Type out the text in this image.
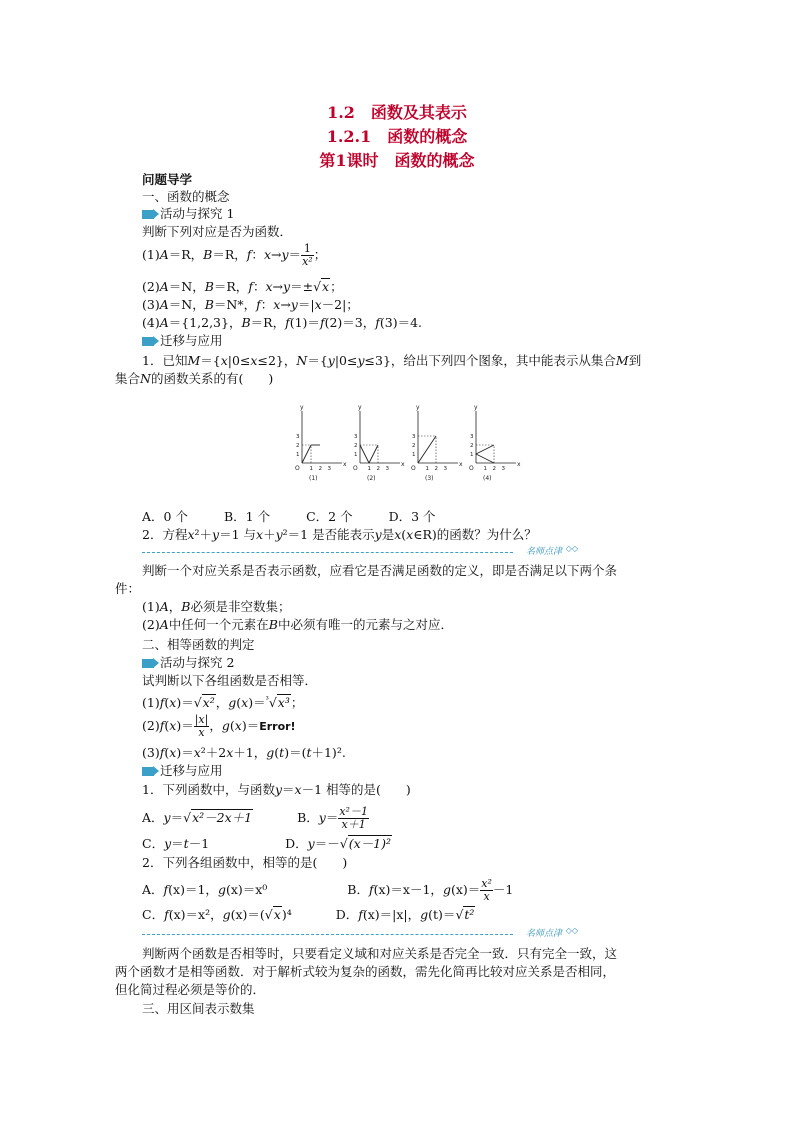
1.2　函数及其表示
1.2.1　函数的概念
第1课时　函数的概念
问题导学
一、函数的概念
活动与探究 1
判断下列对应是否为函数．
(1)A＝R，B＝R，f：$x\to y= \frac{1}{\text{x²}}$ ；
(2)A＝N，B＝R，f：x→y＝±√x；
(3)A＝N，B＝N*，f：x→y＝|x－2|；
(4)A＝{1,2,3}，B＝R，f(1)＝f(2)＝3，f(3)＝4.
迁移与应用
1．已知M＝{x|0≤x≤2}，N＝{y|0≤y≤3}，给出下列四个图象，其中能表示从集合M到
集合N的函数关系的有(　　)
O
x
y
1
1
2
2
3
3
(1)
O
x
y
1
1
2
2
3
3
(2)
O
x
y
1
1
2
2
3
3
(3)
O
x
y
1
1
2
2
3
3
(4)
A．0 个	B．1 个	C．2 个	D．3 个
2．方程x²＋y＝1 与x＋y²＝1 是否能表示y是x(x∈R)的函数？为什么？
名师点津 ◇◇
判断一个对应关系是否表示函数，应看它是否满足函数的定义，即是否满足以下两个条
件：
(1)A，B必须是非空数集；
(2)A中任何一个元素在B中必须有唯一的元素与之对应．
二、相等函数的判定
活动与探究 2
试判断以下各组函数是否相等．
(1)f(x)＝√x²，g(x)＝$^{^3}$√x³；
$(2)f(x)= \frac{|x|}{x}$ ，g(x)＝Error!
(3)f(x)＝x²＋2x＋1，g(t)＝(t＋1)².
迁移与应用
1．下列函数中，与函数y＝x－1 相等的是(　　)
A．y＝√x²－2x＋1	B．$y= \frac{\text{x²－1}}{x+1}$
C．y＝t－1	D．y＝－√(x－1)²
2．下列各组函数中，相等的是(　　)
A．f(x)＝1，g(x)＝x⁰	B．f(x)＝x－1，$g(x)= \frac{\text{x²}}{x} -1$
C．f(x)＝x²，g(x)＝(√x)⁴	D．f(x)＝|x|，g(t)＝√t²
名师点津 ◇◇
判断两个函数是否相等时，只要看定义域和对应关系是否完全一致．只有完全一致，这
两个函数才是相等函数．对于解析式较为复杂的函数，需先化简再比较对应关系是否相同，
但化简过程必须是等价的．
三、用区间表示数集
